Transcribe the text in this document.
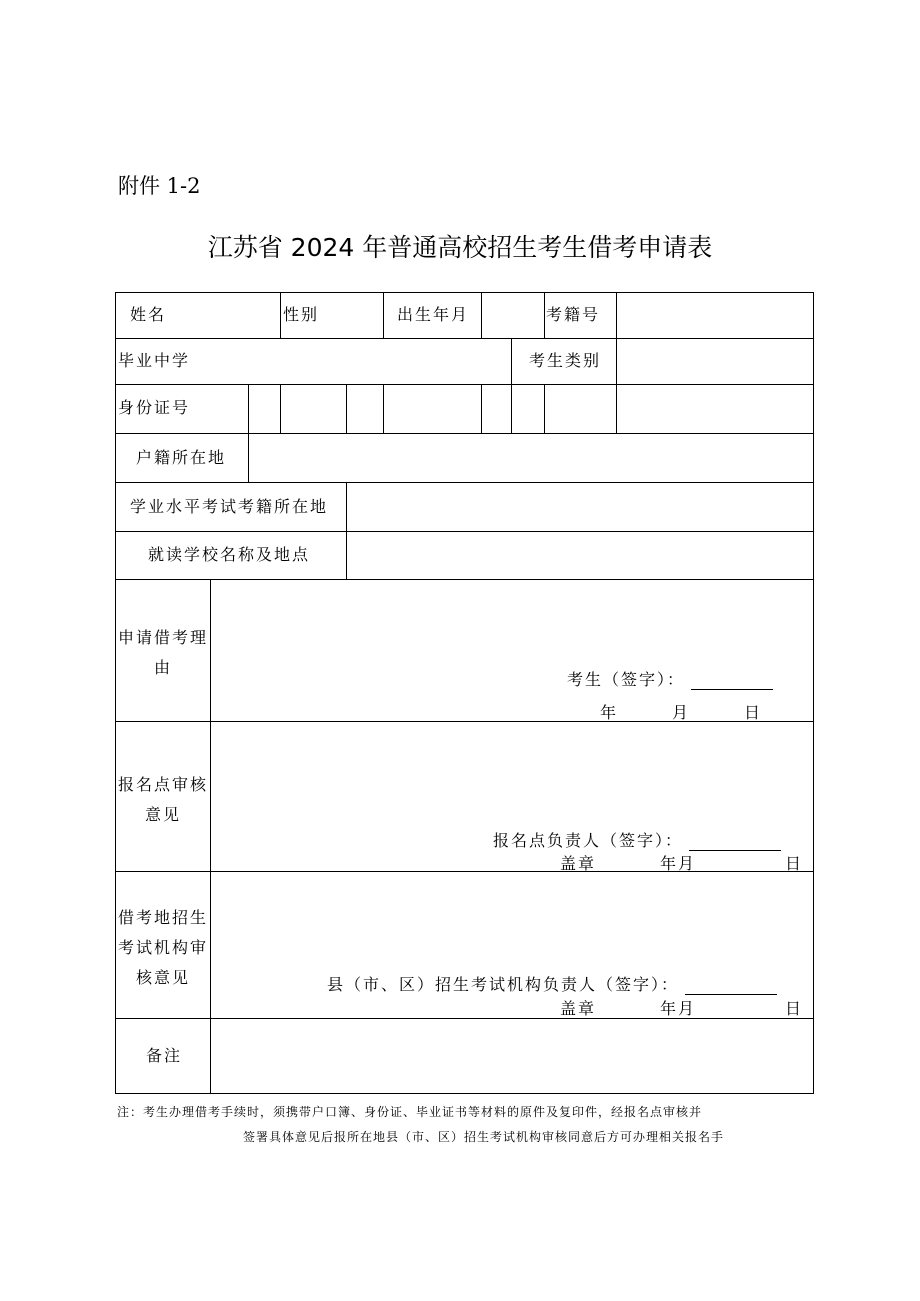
附件 1-2
江苏省 2024 年普通高校招生考生借考申请表
姓名	性别	出生年月	考籍号
毕业中学	考生类别
身份证号
户籍所在地
学业水平考试考籍所在地
就读学校名称及地点
申请借考理由
考生（签字）：
年　　　月　　　日
报名点审核意见
报名点负责人（签字）：
盖章	年月	日
借考地招生考试机构审核意见	县（市、区）招生考试机构负责人（签字）：
盖章	年月	日
备注
注：考生办理借考手续时，须携带户口簿、身份证、毕业证书等材料的原件及复印件，经报名点审核并
签署具体意见后报所在地县（市、区）招生考试机构审核同意后方可办理相关报名手
